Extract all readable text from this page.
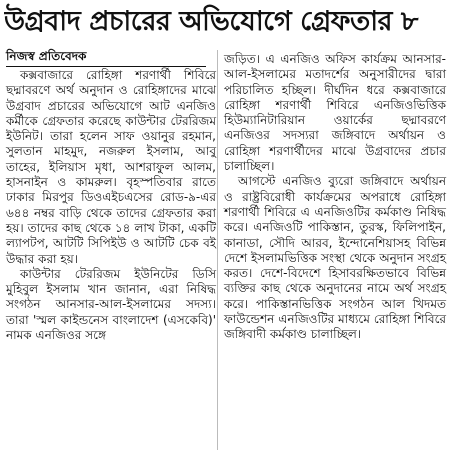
উগ্রবাদ প্রচারের অভিযোগে গ্রেফতার ৮
নিজস্ব প্রতিবেদক

কক্সবাজারে রোহিঙ্গা শরণার্থী শিবিরে ছদ্মাবরণে অর্থ অনুদান ও রোহিঙ্গাদের মাঝে উগ্রবাদ প্রচারের অভিযোগে আট এনজিও কর্মীকে গ্রেফতার করেছে কাউন্টার টেররিজম ইউনিট। তারা হলেন সাফ ওয়ানুর রহমান, সুলতান মাহমুদ, নজরুল ইসলাম, আবু তাহের, ইলিয়াস মৃধা, আশরাফুল আলম, হাসনাইন ও কামরুল। বৃহস্পতিবার রাতে ঢাকার মিরপুর ডিওএইচএসের রোড-৯-এর ৬৪৪ নম্বর বাড়ি থেকে তাদের গ্রেফতার করা হয়। তাদের কাছ থেকে ১৪ লাখ টাকা, একটি ল্যাপটপ, আটটি সিপিইউ ও আটটি চেক বই উদ্ধার করা হয়।

কাউন্টার টেররিজম ইউনিটের ডিসি মুহিবুল ইসলাম খান জানান, এরা নিষিদ্ধ সংগঠন আনসার-আল-ইসলামের সদস্য। তারা 'স্মল কাইন্ডনেস বাংলাদেশ (এসকেবি)' নামক এনজিওর সঙ্গে

জড়িত। এ এনজিও অফিস কার্যক্রম আনসার-আল-ইসলামের মতাদর্শের অনুসারীদের দ্বারা পরিচালিত হচ্ছিল। দীর্ঘদিন ধরে কক্সবাজারে রোহিঙ্গা শরণার্থী শিবিরে এনজিওভিত্তিক হিউম্যানিটারিয়ান ওয়ার্কের ছদ্মাবরণে এনজিওর সদস্যরা জঙ্গিবাদে অর্থায়ন ও রোহিঙ্গা শরণার্থীদের মাঝে উগ্রবাদের প্রচার চালাচ্ছিল।

আগস্টে এনজিও ব্যুরো জঙ্গিবাদে অর্থায়ন ও রাষ্ট্রবিরোধী কার্যক্রমের অপরাধে রোহিঙ্গা শরণার্থী শিবিরে এ এনজিওটির কর্মকাণ্ড নিষিদ্ধ করে। এনজিওটি পাকিস্তান, তুরস্ক, ফিলিপাইন, কানাডা, সৌদি আরব, ইন্দোনেশিয়াসহ বিভিন্ন দেশে ইসলামভিত্তিক সংস্থা থেকে অনুদান সংগ্রহ করত। দেশে-বিদেশে হিসাবরক্ষিতভাবে বিভিন্ন ব্যক্তির কাছ থেকে অনুদানের নামে অর্থ সংগ্রহ করে। পাকিস্তানভিত্তিক সংগঠন আল খিদমত ফাউন্ডেশন এনজিওটির মাধ্যমে রোহিঙ্গা শিবিরে জঙ্গিবাদী কর্মকাণ্ড চালাচ্ছিল।
